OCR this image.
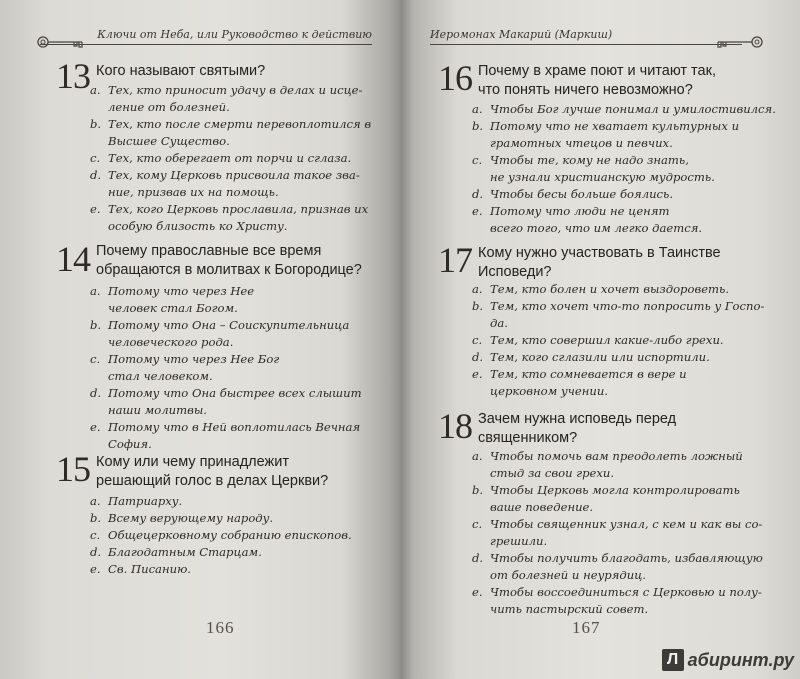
Ключи от Неба, или Руководство к действию
13 Кого называют святыми?
a. Тех, кто приносит удачу в делах и исце-
ление от болезней.
b. Тех, кто после смерти перевоплотился в
Высшее Существо.
c. Тех, кто оберегает от порчи и сглаза.
d. Тех, кому Церковь присвоила такое зва-
ние, призвав их на помощь.
e. Тех, кого Церковь прославила, признав их
особую близость ко Христу.
14 Почему православные все время
обращаются в молитвах к Богородице?
a. Потому что через Нее
человек стал Богом.
b. Потому что Она – Соискупительница
человеческого рода.
c. Потому что через Нее Бог
стал человеком.
d. Потому что Она быстрее всех слышит
наши молитвы.
e. Потому что в Ней воплотилась Вечная
София.
15 Кому или чему принадлежит
решающий голос в делах Церкви?
a. Патриарху.
b. Всему верующему народу.
c. Общецерковному собранию епископов.
d. Благодатным Старцам.
e. Св. Писанию.
166
Иеромонах Макарий (Маркиш)
16 Почему в храме поют и читают так,
что понять ничего невозможно?
a. Чтобы Бог лучше понимал и умилостивился.
b. Потому что не хватает культурных и
грамотных чтецов и певчих.
c. Чтобы те, кому не надо знать,
не узнали христианскую мудрость.
d. Чтобы бесы больше боялись.
e. Потому что люди не ценят
всего того, что им легко дается.
17 Кому нужно участвовать в Таинстве
Исповеди?
a. Тем, кто болен и хочет выздороветь.
b. Тем, кто хочет что-то попросить у Госпо-
да.
c. Тем, кто совершил какие-либо грехи.
d. Тем, кого сглазили или испортили.
e. Тем, кто сомневается в вере и
церковном учении.
18 Зачем нужна исповедь перед
священником?
a. Чтобы помочь вам преодолеть ложный
стыд за свои грехи.
b. Чтобы Церковь могла контролировать
ваше поведение.
c. Чтобы священник узнал, с кем и как вы со-
грешили.
d. Чтобы получить благодать, избавляющую
от болезней и неурядиц.
e. Чтобы воссоединиться с Церковью и полу-
чить пастырский совет.
167
Л абиринт.ру
